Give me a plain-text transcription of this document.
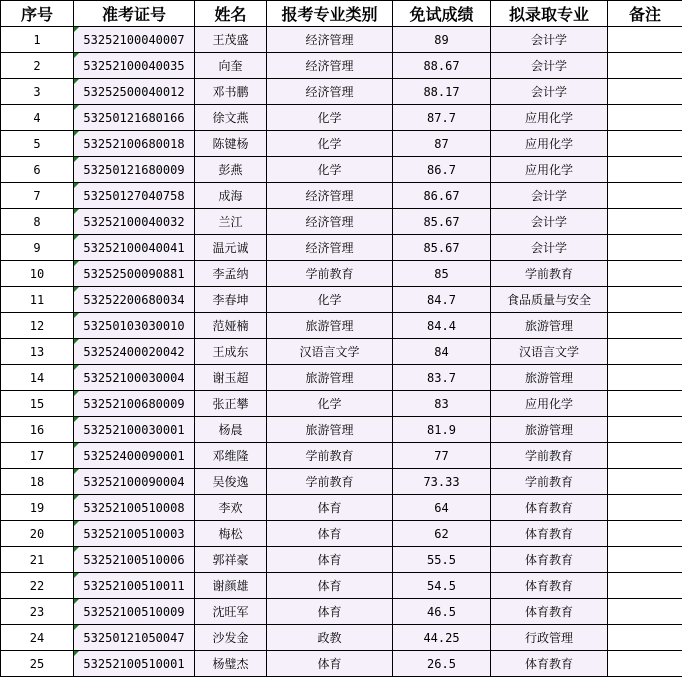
序号	准考证号	姓名	报考专业类别	免试成绩	拟录取专业	备注
1	53252100040007	王茂盛	经济管理	89	会计学	
2	53252100040035	向奎	经济管理	88.67	会计学	
3	53252500040012	邓书鹏	经济管理	88.17	会计学	
4	53250121680166	徐文燕	化学	87.7	应用化学	
5	53252100680018	陈键杨	化学	87	应用化学	
6	53250121680009	彭燕	化学	86.7	应用化学	
7	53250127040758	成海	经济管理	86.67	会计学	
8	53252100040032	兰江	经济管理	85.67	会计学	
9	53252100040041	温元诚	经济管理	85.67	会计学	
10	53252500090881	李孟纳	学前教育	85	学前教育	
11	53252200680034	李春坤	化学	84.7	食品质量与安全	
12	53250103030010	范娅楠	旅游管理	84.4	旅游管理	
13	53252400020042	王成东	汉语言文学	84	汉语言文学	
14	53252100030004	谢玉超	旅游管理	83.7	旅游管理	
15	53252100680009	张正攀	化学	83	应用化学	
16	53252100030001	杨晨	旅游管理	81.9	旅游管理	
17	53252400090001	邓维隆	学前教育	77	学前教育	
18	53252100090004	吴俊逸	学前教育	73.33	学前教育	
19	53252100510008	李欢	体育	64	体育教育	
20	53252100510003	梅松	体育	62	体育教育	
21	53252100510006	郭祥豪	体育	55.5	体育教育	
22	53252100510011	谢颜雄	体育	54.5	体育教育	
23	53252100510009	沈旺军	体育	46.5	体育教育	
24	53250121050047	沙发金	政教	44.25	行政管理	
25	53252100510001	杨璧杰	体育	26.5	体育教育	
